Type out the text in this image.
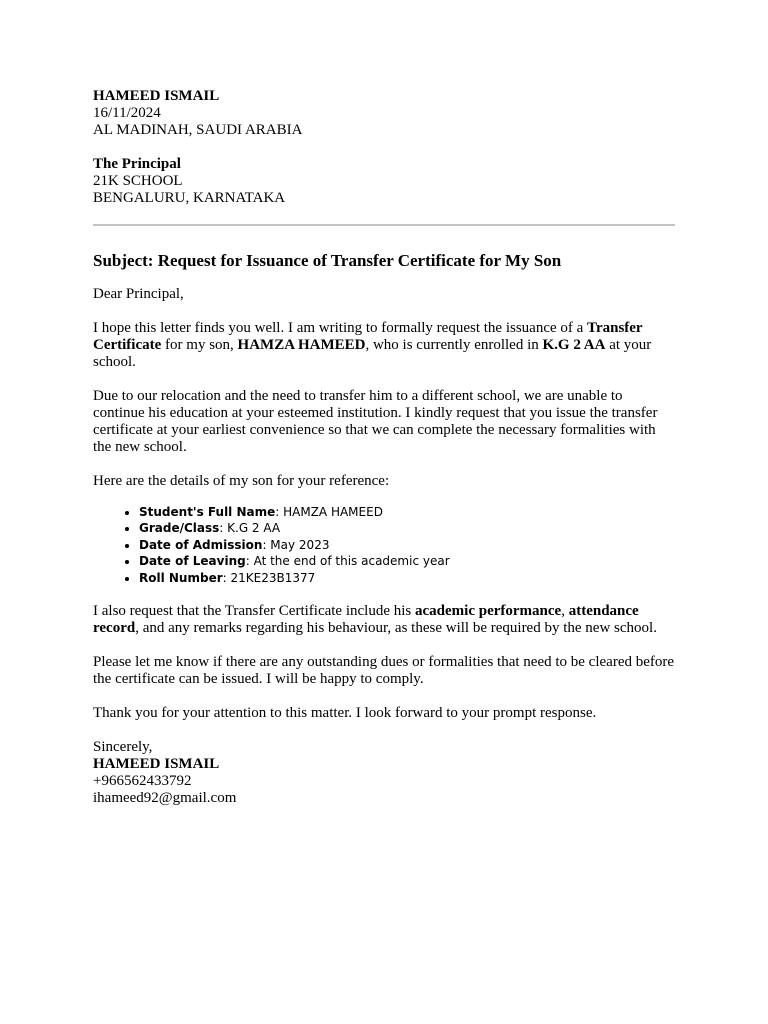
HAMEED ISMAIL
16/11/2024
AL MADINAH, SAUDI ARABIA
The Principal
21K SCHOOL
BENGALURU, KARNATAKA
Subject: Request for Issuance of Transfer Certificate for My Son

Dear Principal,

I hope this letter finds you well. I am writing to formally request the issuance of a Transfer Certificate for my son, HAMZA HAMEED, who is currently enrolled in K.G 2 AA at your school.

Due to our relocation and the need to transfer him to a different school, we are unable to continue his education at your esteemed institution. I kindly request that you issue the transfer certificate at your earliest convenience so that we can complete the necessary formalities with the new school.

Here are the details of my son for your reference:

• Student's Full Name: HAMZA HAMEED
• Grade/Class: K.G 2 AA
• Date of Admission: May 2023
• Date of Leaving: At the end of this academic year
• Roll Number: 21KE23B1377

I also request that the Transfer Certificate include his academic performance, attendance record, and any remarks regarding his behaviour, as these will be required by the new school.

Please let me know if there are any outstanding dues or formalities that need to be cleared before the certificate can be issued. I will be happy to comply.

Thank you for your attention to this matter. I look forward to your prompt response.

Sincerely,
HAMEED ISMAIL
+966562433792
ihameed92@gmail.com
